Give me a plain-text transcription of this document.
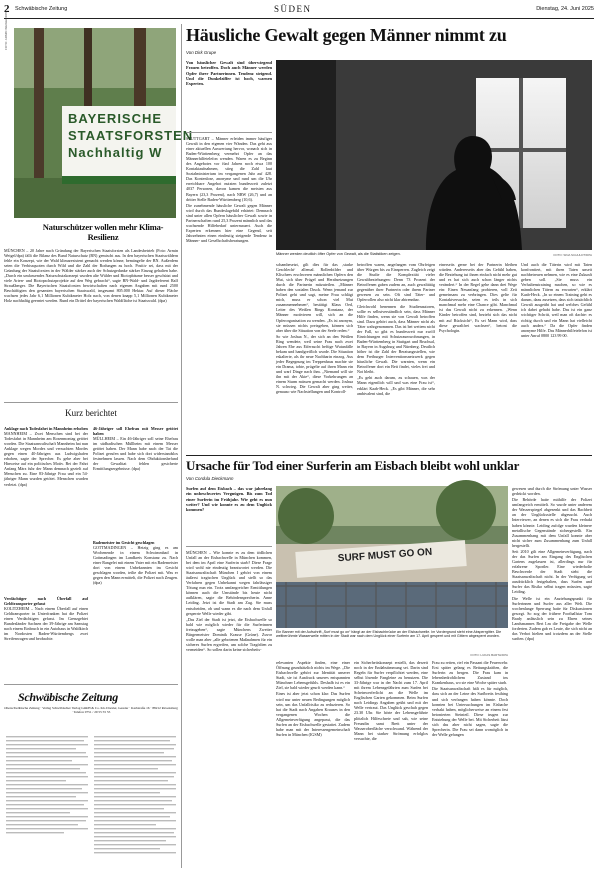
2 Schwäbische Zeitung	SÜDEN	Dienstag, 24. Juni 2025
BAYERISCHE STAATSFORSTEN Nachhaltig W
FOTO: ARMIN WEIGEL/DPA
Naturschützer wollen mehr Klima-Resilienz
MÜNCHEN – 20 Jahre nach Gründung der Bayerischen Staatsforsten als Landesbetrieb (Foto: Armin Weigel/dpa) fällt die Bilanz des Bund Naturschutz (BN) gemischt aus. In den bayerischen Staatswäldern fehle ein Konzept, wie der Wald klimaresistent gemacht werden könne, bemängelte der BN. Außerdem seien die Verbissquoten durch Wild und die Zahl der Rodungen zu hoch. Positiv sei, dass mit der Gründung der Staatsforsten in der Wälder stärker auch der Schutzgedanke stärker Einzug gehalten habe. „Durch ein umfassendes Naturschutzkonzept wurden alte Wälder und Biotopbäume besser geschützt und viele Arten- und Biotopschutzprojekte auf den Weg gebracht“, sagte BN-Wald- und Jagdreferent Ralf Straußberger. Die Bayerischen Staatsforsten bewirtschaften nach eigenen Angaben mit rund 2500 Beschäftigten den gesamten bayerischen Staatswald, insgesamt 805.000 Hektar. Auf dieser Fläche wachsen jedes Jahr 6,1 Millionen Kubikmeter Holz nach, von denen knapp 5,1 Millionen Kubikmeter Holz nachhaltig geerntet werden. Rund ein Drittel der bayerischen Waldfläche ist Staatswald. (dpa)
Kurz berichtet
Anklage nach Todesfahrt in Mannheim erhoben
MANNHEIM – Zwei Menschen sind bei der Todesfahrt in Mannheim am Rosenmontag getötet worden. Die Staatsanwaltschaft Mannheim hat nun Anklage wegen Mordes und versuchten Mordes gegen einen 40-Jährigen aus Ludwigshafen erhoben, sagte der Sprecher. Es gebe aber bei Hinweise auf ein politisches Motiv. Bei der Fahrt Anfang März fuhr der Mann demnach gezielt auf Menschen zu. Eine 83-Jährige Frau und ein 54-jähriger Mann wurden getötet. Menschen wurden verletzt. (dpa)
Verdächtiger nach Überfall auf Geldtransporter gefasst
KOLITZHEIM – Nach einem Überfall auf einen Geldtransporter in Unterfranken hat die Polizei einen Verdächtigen gefasst. Im Grenzgebiet Bundesländer Sachsen der 39-Jährige am Samstag nach einem Einbruch in ein Autohaus in Waldkirch im Nordosten Baden-Württembergs zwei Streifenwagen und beobachte.
46-Jähriger soll Ehefrau mit Messer getötet haben
MÜLLHEIM – Ein 46-Jähriger soll seine Ehefrau im südbadischen Müllheim mit einem Messer getötet haben. Der Mann habe nach der Tat die Polizei gerufen und habe sich dort widerstandslos festnehmen lassen. Nach dem Obduktionsbefund der Gewalttat fehlen gesicherte Ermittlungsergebnisse. (dpa)
Bademeister im Gesicht geschlagen
GOTTMADINGEN – Heizig ging es am Wochenende in einem Schwimmbad in Gottmadingen im Landkreis Konstanz zu. Nach einer Rangelei mit einem Vater mit ein Bademeister dort von einem Unbekannten im Gesicht geschlagen worden, teilte die Polizei mit. Was er gegen den Mann ermittelt, die Polizei nach Zeugen. (dpa)
Schwäbische Zeitung
Oberschwäbische Zeitung · Verlag Schwäbischer Verlag GmbH & Co. KG Drexler, Gessler · Karlstraße 16 · 88212 Ravensburg · Telefon 0751 / 29 55 55 55
Häusliche Gewalt gegen Männer nimmt zu
Von Dirk Grupe
Von häuslicher Gewalt sind überwiegend Frauen betroffen. Doch auch Männer werden Opfer ihrer Partnerinnen. Tendenz steigend. Und die Dunkelziffer ist hoch, warnen Experten.

STUTTGART – Männer erleiden immer häufiger Gewalt in den eigenen vier Wänden. Das geht aus einer aktuellen Auswertung hervor, wonach sich in Baden-Württemberg vermehrt Opfer an das Männerhilfetelefon wenden. Waren es zu Beginn des Angebotes vor fünf Jahren noch etwa 100 Kontaktaufnahmen, stieg die Zahl laut Sozialministerium im vergangenen Jahr auf 428. Das Kontenlose, anonyme und rund um die Uhr erreichbare Angebot nutzten bundesweit zuletzt 4037 Personen, davon kamen die meisten aus Bayern (23,3 Prozent), nach NRW (26,7) und an dritter Stelle Baden-Württemberg (10,6).

Die zunehmende häusliche Gewalt gegen Männer wird durch das Bundeslagebild erhärtet: Demnach sind unter allen Opfern häuslicher Gewalt sowie in Partnerschaften rund 25,3 Prozent männlich und das wachsende Hilfebedarf untermauert. Auch die Experten erkennen hier eine Gegend, seit Jahrzehnten einen eindeutig steigende Tendenz in Männer- und Gesellschaftsberatungen.

Männer werden deutlich öfter Opfer von Gewalt, als die Statistiken zeigen.	FOTO: SINA SCHULDT/DPA

schambesetzt, gilt dies für das ‚starke Geschlecht‘ allemal. Rollenbilder und Klischees erschweren männlichen Opfern den Mut, sich über Prügel und Herabsetzungen durch die Partnerin mitzuteilen. „Männer haben den sozialen Druck. Wenn jemand zur Polizei geht und sagt, meine Frau schlägt mich, muss er schon viel Mut zusammennehmen“, bestätigt Klaus Oed, Leiter des Weißen Rings Konstanz, der Männer motivieren will, sich an die Opferorganisation zu wenden. „Es ist anonym, sie müssen nichts preisgeben, können sich aber über die Situation von der Seele reden.“

So wie Joshua N., der sich an den Weißen Ring wendete, weil seine Frau nach zwei Jahren Ehe aus Eifersucht heftige Wutanfälle bekam und handgreiflich wurde. Die Situation eskalierte, als ihr neue Nachbarin einzog. Aus jeder Begegnung im Treppenhaus machte sie ein Drama, tobte, prügelte auf ihren Mann ein und warf Dinge nach ihm. „Niemand will sie ihn mit der Akte“, diese Vorkehrungen an einem Sturm müssen gemacht werden. Joshua N. schwieg. Die Gewalt aber ging weiter, genauso wie Nachstellungen und Kontroll-

betroffen waren, angefangen vom Ohrfeigen über Würgen bis zu Einsperren. Zugleich zeigt die Studie die Komplexität vieler Gewaltbeziehungen: Denn 73 Prozent der Betroffenen gaben zudem an, auch gewalttätig gegenüber ihrer Partnerin oder ihrem Partner gewesen zu sein. Oft sind Täter- und Opferrollen also nicht klar abtrennbar.

Gleichwohl benennen die Studienautoren, sollte es selbstverständlich sein, dass Männer Hilfe finden, wenn sie von Gewalt betroffen sind. Dazu gehört auch, dass Männer nicht als Täter wahrgenommen. Das ist bei weitem nicht der Fall, so gibt es bundesweit nur zwölf Einrichtungen mit Schutzraumwohnungen, in Baden-Württemberg in Stuttgart und Bruchsal, in Bayern in Augsburg und Nürnberg. Deutlich höher ist die Zahl der Beratungsstellen, wie dem Freiburger Interventionsnetzwerk gegen häusliche Gewalt. Die warnten, wenn ein Betroffener dort ein Bett findet, vieles frei und Not bleibt.

„Es geht auch darum, zu schauen, was der Mann eigentlich will und was eine Frau ist“, erklärt Kaab-Heck. „Es gibt Männer, die sehr ambivalent sind, die

einerseits gerne bei der Partnerin bleiben würden. Andererseits aber das Gefühl haben, die Beziehung tut ihnen einfach nicht mehr gut und es hat sich auch schon länger nichts verändert.“ In der Regel gehe dann drei Wege ein: Einen Neuanfang probieren, voll Zeit gemeinsam zu verbringen. Dies gelte für Kontaktversuche, seien es teils in sich manchmal mehr eine Chance gibt. Manchmal ist das Gewalt nicht zu erkennen. „Wenn Kinder betroffen sind, bezieht sich das nicht mit auf Rücksicht“, Es sei Mann wird, dass diese gewaltfrei wachsen“, betont die Psychologin.

Und auch die Täterin wird mit Taten konfrontiert, mit ihren Taten unseit nachbetreuen nehmen, wie es eine Zukunft geben soll. „Sie muss ein Verhaltenstraining machen, so wie es männlichen Tätern zu erwarten“, erklärt Kaab-Heck. „In so einem Training geht es darum, dazu zusetzen, dass sich tatsächlich Gewalt ausgeübt hat und welches Gefühl ich dabei gehabt habe. Das ist ein ganz wichtiger Schritt, weil man oft dachte: es richtig durch und ein Mann hat vielleicht auch anders.“ Da die Opfer finden anonyme Hilfe. Das Männerhilfetelefon ist unter Anruf 0800 123 99 00.

Ursache für Tod einer Surferin am Eisbach bleibt wohl unklar
Von Cordula Dieckmann
Surfen auf dem Eisbach – das war jahrelang ein unbeschwertes Vergnügen. Bis zum Tod einer Surferin im Frühjahr. Wie geht es nun weiter? Und wie konnte es zu dem Unglück kommen?

MÜNCHEN – Wie konnte es zu dem tödlichen Unfall an der Eisbachwelle in München kommen, bei dem im April eine Surferin starb? Diese Frage wird wohl nie eindeutig beantwortet werden. Die Staatsanwaltschaft München I gehört von einem äußerst tragischen Unglück und stellt so das Verfahren gegen Unbekannt wegen fahrlässiger Tötung nun ein. Trotz umfangreicher Ermittlungen können auch die Umstände bis heute nicht aufklären, sagte die Behördensprecherin. Anne Leiding. Jetzt ist die Stadt am Zug. Sie muss entscheiden, ob und wann es die nach dem Unfall gesperrte Welle wieder gibt.

„Das Ziel der Stadt ist jetzt, die Eisbachwelle so bald wie möglich wieder für die Surferinnen freizugeben“, sagte Münchens Zweiter Bürgermeister Dominik Krause (Grüne). Zuvor wolle man aber „alle gebotenen Maßnahmen für ein sicheres Surfen ergreifen, um solche Tragödien zu vermeiden“. So sollen darin keine sicherheits-

SURF MUST GO ON
Ein Banner mit der Aufschrift „Surf must go on“ hängt an der Eisbachbrücke an der Eisbachwelle. Im Vordergrund steht eine Absperrgitter. Die weltberühmte Wasserwelle mitten in der Stadt war nach dem Unglück einer Surferin am 17. April gesperrt und mit Gittern abgesperrt worden.
FOTO: LUKAS BARTH/DPA

relevanten Aspekte finden, eine einer Öffnung grundsätzlich nichts im Wege. „Die Eisbachwelle gehört zur Identität unserer Stadt, sie ist Ausdruck unseres entspannten Münchner Lebensgefühls. Deshalb ist es ein Ziel, sie bald wieder geurft werden kann.“

Eines ist aber jetzt schon klar: Das Surfen wird nur unter neuen Bedingungen möglich sein, um das Unfallrisiko zu reduzieren. So hat die Stadt nach Angaben Krauses in den vergangenen Wochen die Allgemeinverfügung angepasst, die das Surfen an der Eisbachwelle gestattet. Zudem habe man mit der Interessengemeinschaft Surfen in München (IGSM)

ein Sicherheitskonzept erstellt, das derzeit noch in der Endabstimmung sei. Darin sind Regeln für Surfer verpflichtet werden, eine selbst lösende Fangleine zu benutzen. Die 33-Jährige war in der Nacht zum 17. April mit ihrem Lebensgefährten zum Surfen bei Scheinwerferlicht an die Welle im Englischen Garten gekommen. Beim Surfen nach Leidings Angaben geübt und mit der Welle vertraut. Das Unglück geschah gegen 23.30 Uhr. Sie hörte der Lebensgefährte plötzlich Hilfeschreie und sah, wie seine Freundin samt Brett unter der Wasseroberfläche verschwand. Während der Mann bei starker Strömung erfolglos versuchte, die

Frau zu retten, rief ein Passant die Feuerwehr. Erst später gelang es Rettungskräften, die Surferin zu bergen. Die Frau kam in lebensbedrohlichem Zustand ins Krankenhaus, wo sie eine Woche später starb.

Die Staatsanwaltschaft hält es für möglich, dass sich an der Leine des Surfbretts festhing und sich verfangen haben könnte. Doch konnten bei Untersuchungen im Eisbache verhakt haben, möglicherweise an einem fest betonierten Steinteil. Diese trugen zur Entstehung der Welle bei. Mit Sicherheit lässt sich das aber nicht sagen, sagte die Sprecherin. Die Frau sei dann womöglich in der Welle gefangen

gewesen und durch die Strömung unter Wasser gedrückt worden.

Die Behörde hatte mithilfe der Polizei umfangreich ermittelt. So wurde unter anderem der Wasserspiegel abgesenkt und das Bachbett an der Unglücksstelle abgesucht. Auch Interviewer, an denen es sich die Frau verhakt haben könnte. Leiding zufolge wurden kleinere metallische Gegenstände sichergestellt. Ein Zusammenhang mit dem Unfall konnte aber nicht sicher zum Zusammenhang zum Unfall hergestellt.

Seit 2010 gilt eine Allgemeinverfügung, nach der das Surfen am Eingang des Englischen Gartens zugelassen ist, allerdings nur für erfahrene Sportler. Eine wiederholte Beschwerde der Stadt sieht die Staatsanwaltschaft nicht. In der Verfügung sei ausdrücklich festgehalten, dass Surfen und Surfer das Risiko selbst tragen müssten, sagte Leiding.

Die Welle ist ein Anziehungspunkt für Surferinnen und Surfer aus aller Welt. Die wochenlange Sperrung hatte für Diskussionen gesorgt. So zog der frühere Footballstar Tom Brady anlässlich sein zu Ehren seines Landsmannes Bert Lm die Freigabe der Welle forderten. Zudem gab es Leute, die sich nicht an das Verbot hielten und trotzdem an der Stelle surften. (dpa)
